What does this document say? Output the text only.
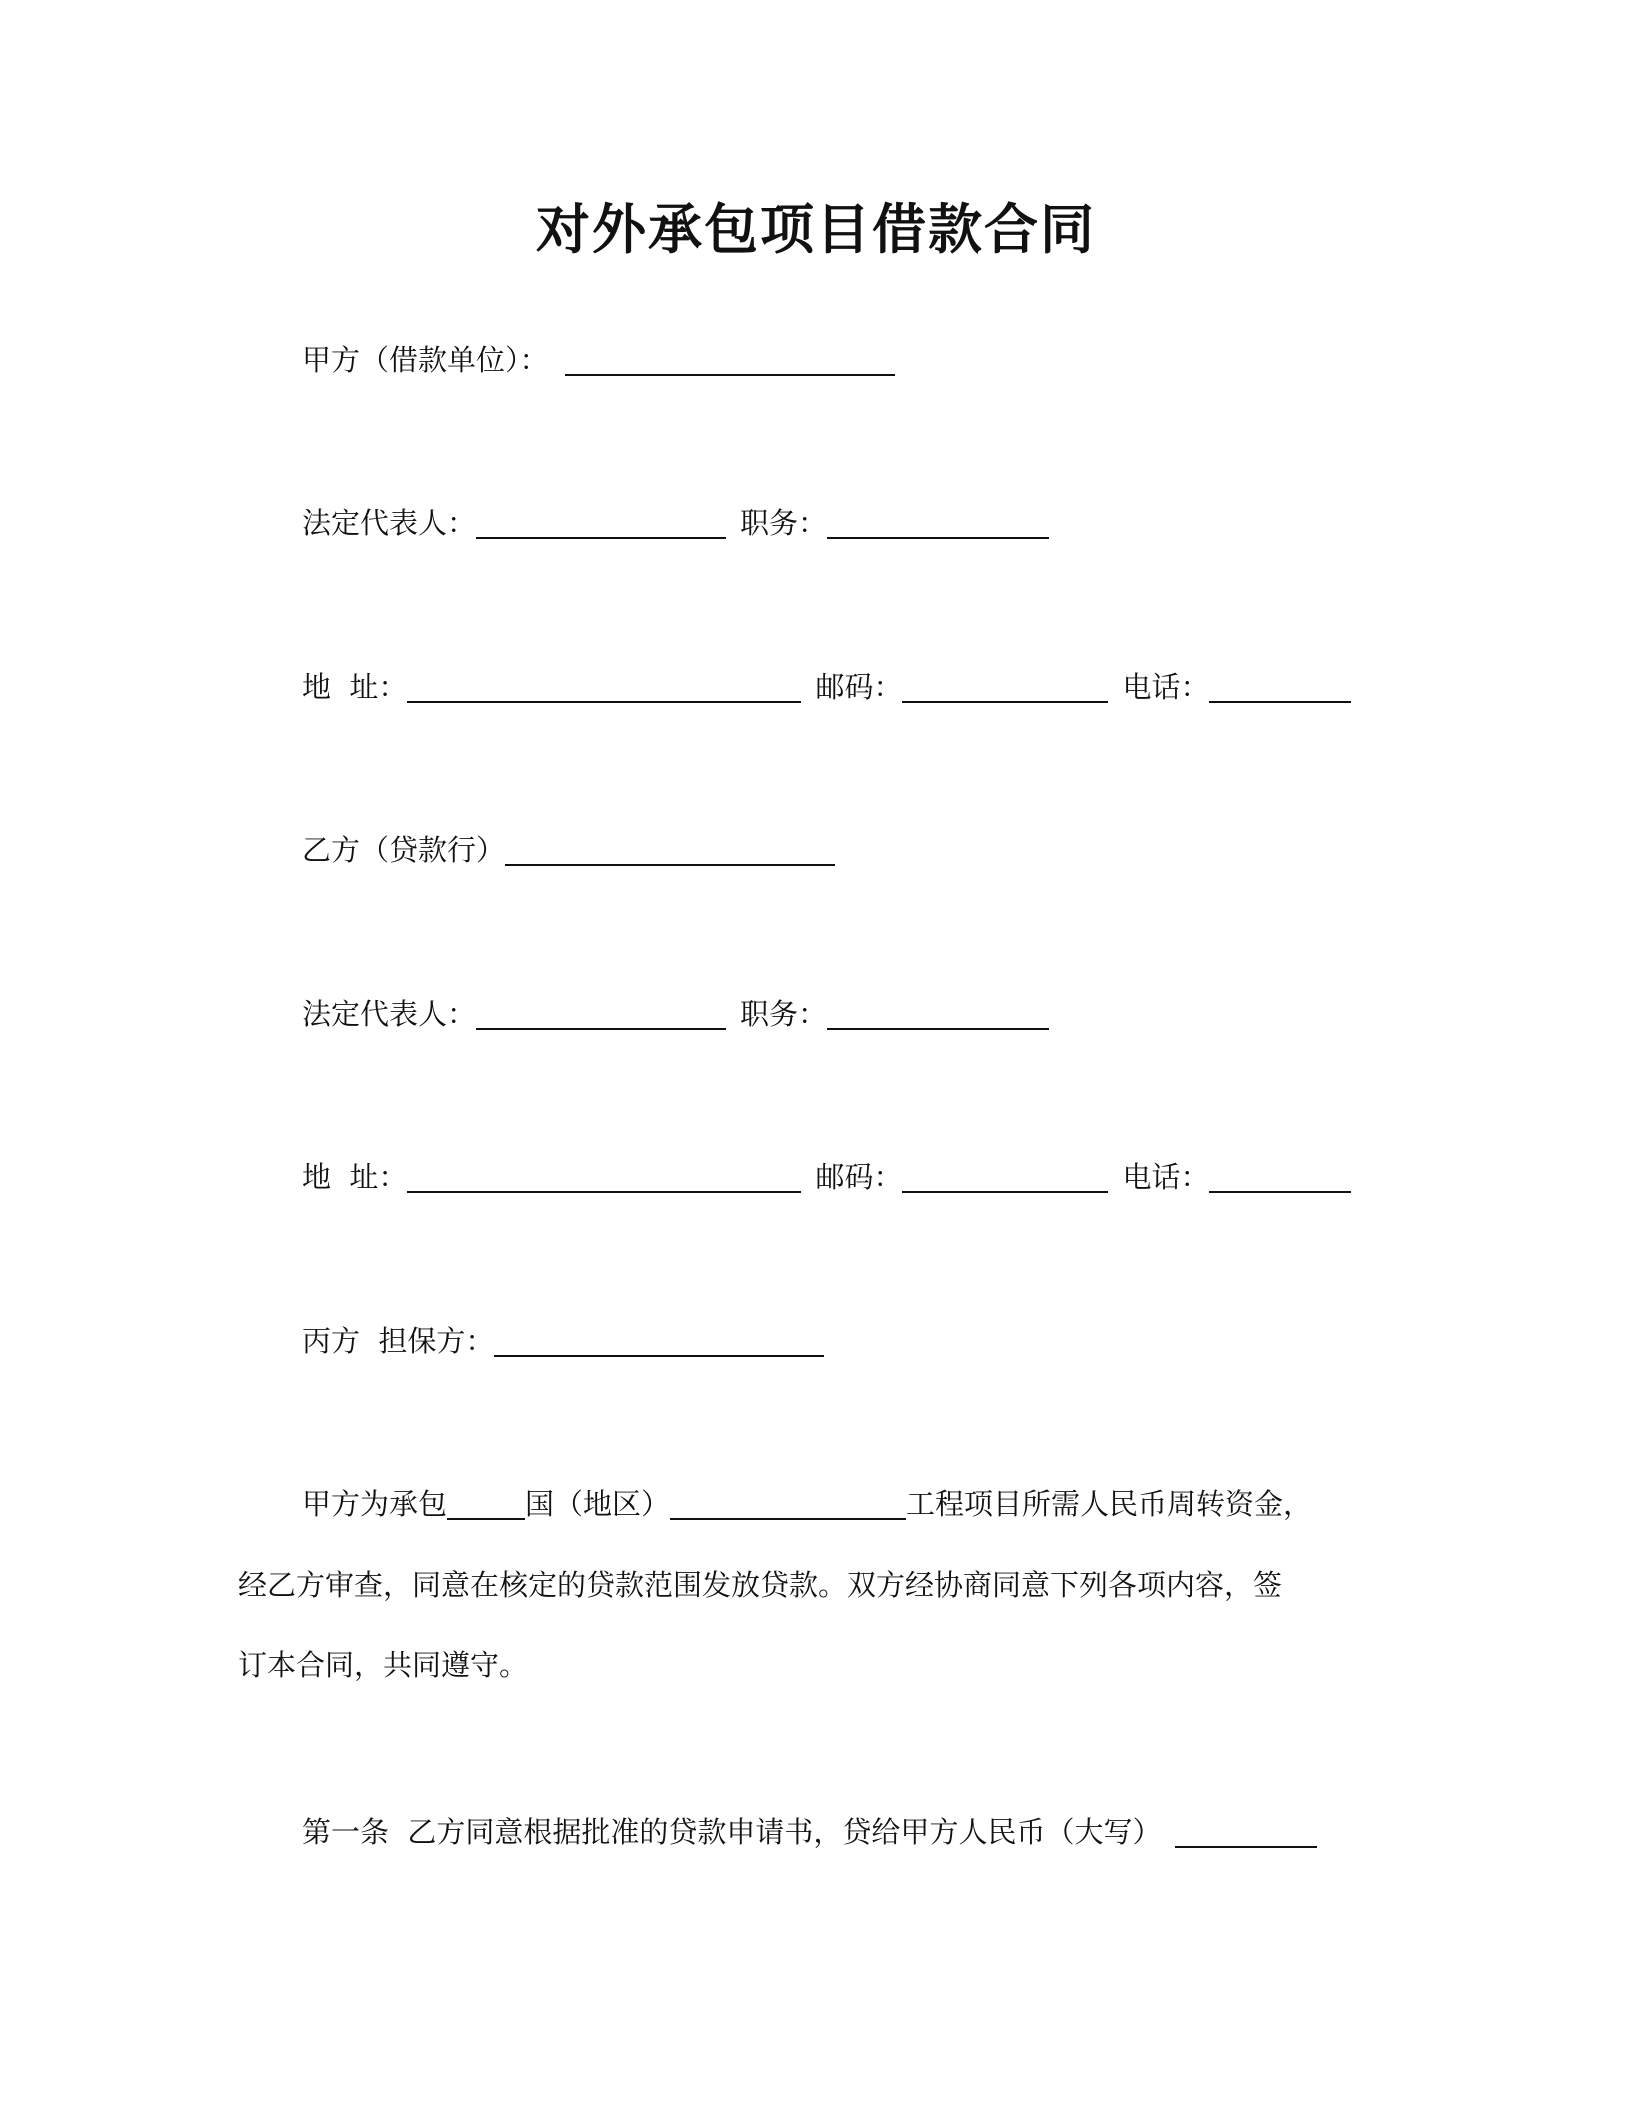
对外承包项目借款合同
甲方（借款单位）：
法定代表人：	职务：
地  址：	邮码：	电话：
乙方（贷款行）
法定代表人：	职务：
地  址：	邮码：	电话：
丙方  担保方：
甲方为承包	国（地区）	工程项目所需人民币周转资金，
经乙方审查，同意在核定的贷款范围发放贷款。双方经协商同意下列各项内容，签
订本合同，共同遵守。
第一条  乙方同意根据批准的贷款申请书，贷给甲方人民币（大写）
